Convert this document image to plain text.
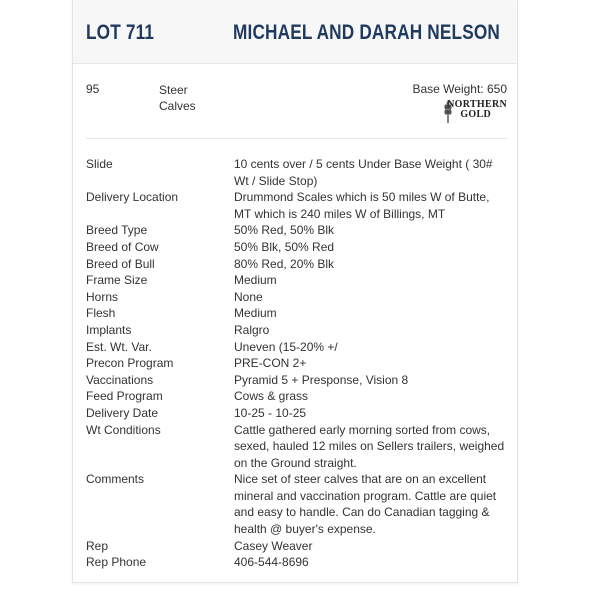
LOT 711	MICHAEL AND DARAH NELSON
95	Steer
Calves
Base Weight: 650
NORTHERN
GOLD
Slide	10 cents over / 5 cents Under Base Weight ( 30# Wt / Slide Stop)
Delivery Location	Drummond Scales which is 50 miles W of Butte, MT which is 240 miles W of Billings, MT
Breed Type	50% Red, 50% Blk
Breed of Cow	50% Blk, 50% Red
Breed of Bull	80% Red, 20% Blk
Frame Size	Medium
Horns	None
Flesh	Medium
Implants	Ralgro
Est. Wt. Var.	Uneven (15-20% +/
Precon Program	PRE-CON 2+
Vaccinations	Pyramid 5 + Presponse, Vision 8
Feed Program	Cows & grass
Delivery Date	10-25 - 10-25
Wt Conditions	Cattle gathered early morning sorted from cows, sexed, hauled 12 miles on Sellers trailers, weighed on the Ground straight.
Comments	Nice set of steer calves that are on an excellent mineral and vaccination program. Cattle are quiet and easy to handle. Can do Canadian tagging & health @ buyer's expense.
Rep	Casey Weaver
Rep Phone	406-544-8696
